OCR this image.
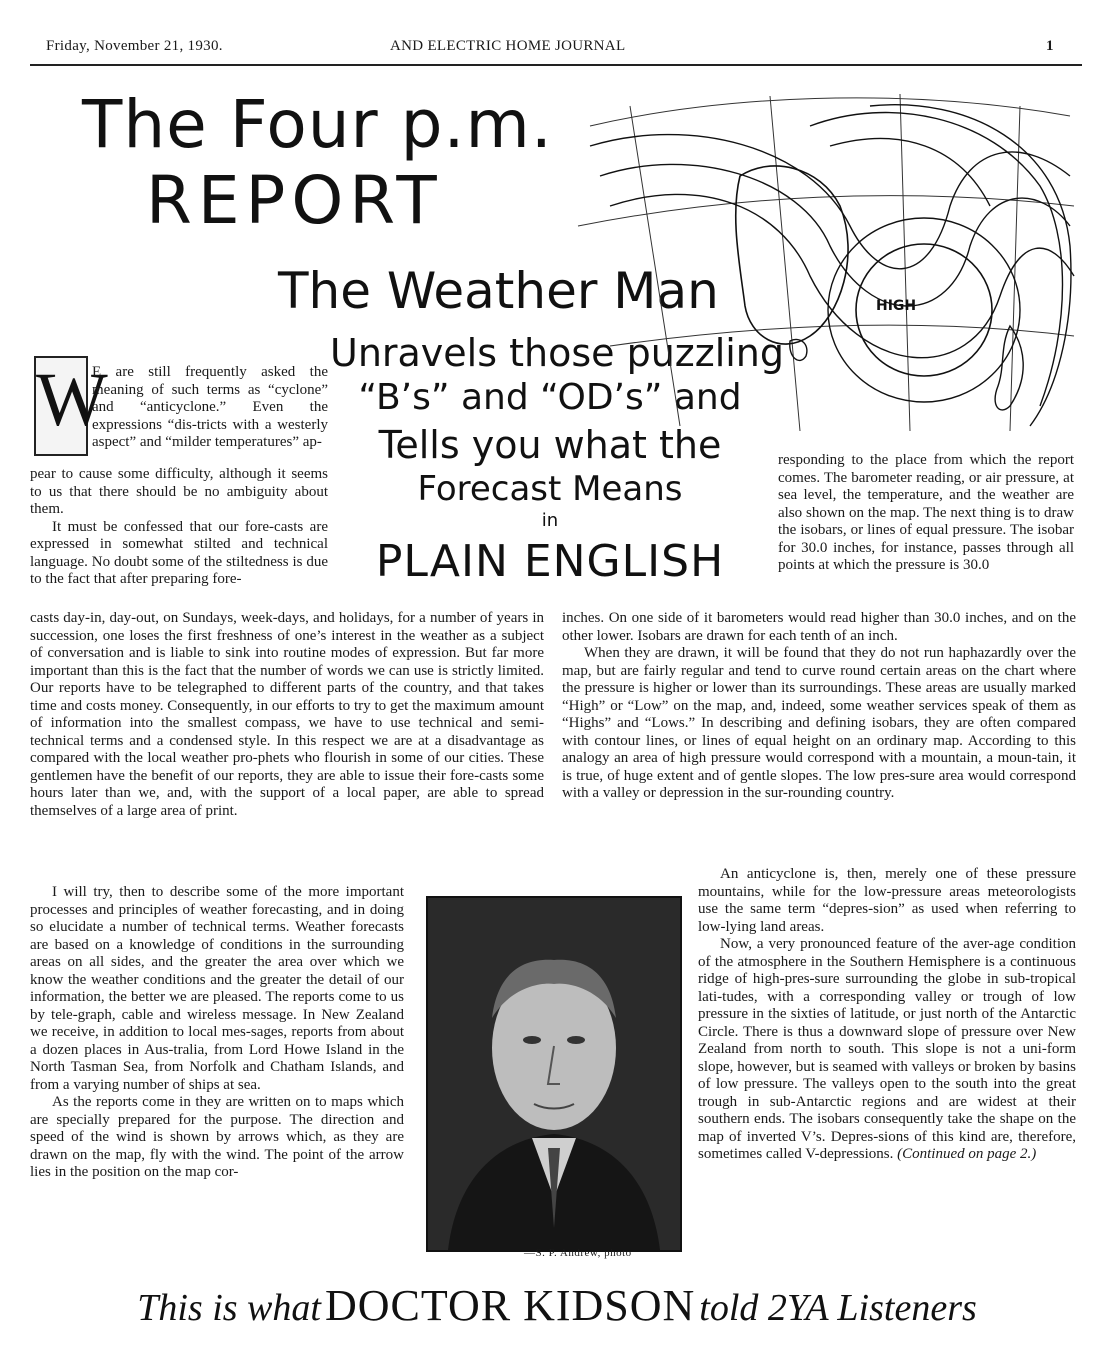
Friday, November 21, 1930.	AND ELECTRIC HOME JOURNAL	1
The Four p.m.
REPORT
The Weather Man
Unravels those puzzling
“B’s” and “OD’s” and
Tells you what the
Forecast Means
in
PLAIN ENGLISH
HIGH
W

E are still frequently asked the meaning of such terms as “cyclone” and “anticyclone.” Even the expressions “dis-tricts with a westerly aspect” and “milder temperatures” ap-

pear to cause some difficulty, although it seems to us that there should be no ambiguity about them.

It must be confessed that our fore-casts are expressed in somewhat stilted and technical language. No doubt some of the stiltedness is due to the fact that after preparing fore-

casts day-in, day-out, on Sundays, week-days, and holidays, for a number of years in succession, one loses the first freshness of one’s interest in the weather as a subject of conversation and is liable to sink into routine modes of expression. But far more important than this is the fact that the number of words we can use is strictly limited. Our reports have to be telegraphed to different parts of the country, and that takes time and costs money. Consequently, in our efforts to try to get the maximum amount of information into the smallest compass, we have to use technical and semi-technical terms and a condensed style. In this respect we are at a disadvantage as compared with the local weather pro-phets who flourish in some of our cities. These gentlemen have the benefit of our reports, they are able to issue their fore-casts some hours later than we, and, with the support of a local paper, are able to spread themselves of a large area of print.

responding to the place from which the report comes. The barometer reading, or air pressure, at sea level, the temperature, and the weather are also shown on the map. The next thing is to draw the isobars, or lines of equal pressure. The isobar for 30.0 inches, for instance, passes through all points at which the pressure is 30.0

inches. On one side of it barometers would read higher than 30.0 inches, and on the other lower. Isobars are drawn for each tenth of an inch.

When they are drawn, it will be found that they do not run haphazardly over the map, but are fairly regular and tend to curve round certain areas on the chart where the pressure is higher or lower than its surroundings. These areas are usually marked “High” or “Low” on the map, and, indeed, some weather services speak of them as “Highs” and “Lows.” In describing and defining isobars, they are often compared with contour lines, or lines of equal height on an ordinary map. According to this analogy an area of high pressure would correspond with a mountain, a moun-tain, it is true, of huge extent and of gentle slopes. The low pres-sure area would correspond with a valley or depression in the sur-rounding country.

I will try, then to describe some of the more important processes and principles of weather forecasting, and in doing so elucidate a number of technical terms. Weather forecasts are based on a knowledge of conditions in the surrounding areas on all sides, and the greater the area over which we know the weather conditions and the greater the detail of our information, the better we are pleased. The reports come to us by tele-graph, cable and wireless message. In New Zealand we receive, in addition to local mes-sages, reports from about a dozen places in Aus-tralia, from Lord Howe Island in the North Tasman Sea, from Norfolk and Chatham Islands, and from a varying number of ships at sea.

As the reports come in they are written on to maps which are specially prepared for the purpose. The direction and speed of the wind is shown by arrows which, as they are drawn on the map, fly with the wind. The point of the arrow lies in the position on the map cor-

An anticyclone is, then, merely one of these pressure mountains, while for the low-pressure areas meteorologists use the same term “depres-sion” as used when referring to low-lying land areas.

Now, a very pronounced feature of the aver-age condition of the atmosphere in the Southern Hemisphere is a continuous ridge of high-pres-sure surrounding the globe in sub-tropical lati-tudes, with a corresponding valley or trough of low pressure in the sixties of latitude, or just north of the Antarctic Circle. There is thus a downward slope of pressure over New Zealand from north to south. This slope is not a uni-form slope, however, but is seamed with valleys or broken by basins of low pressure. The valleys open to the south into the great trough in sub-Antarctic regions and are widest at their southern ends. The isobars consequently take the shape on the map of inverted V’s. Depres-sions of this kind are, therefore, sometimes called V-depressions. (Continued on page 2.)

—S. P. Andrew, photo
This is what DOCTOR KIDSON told 2YA Listeners
